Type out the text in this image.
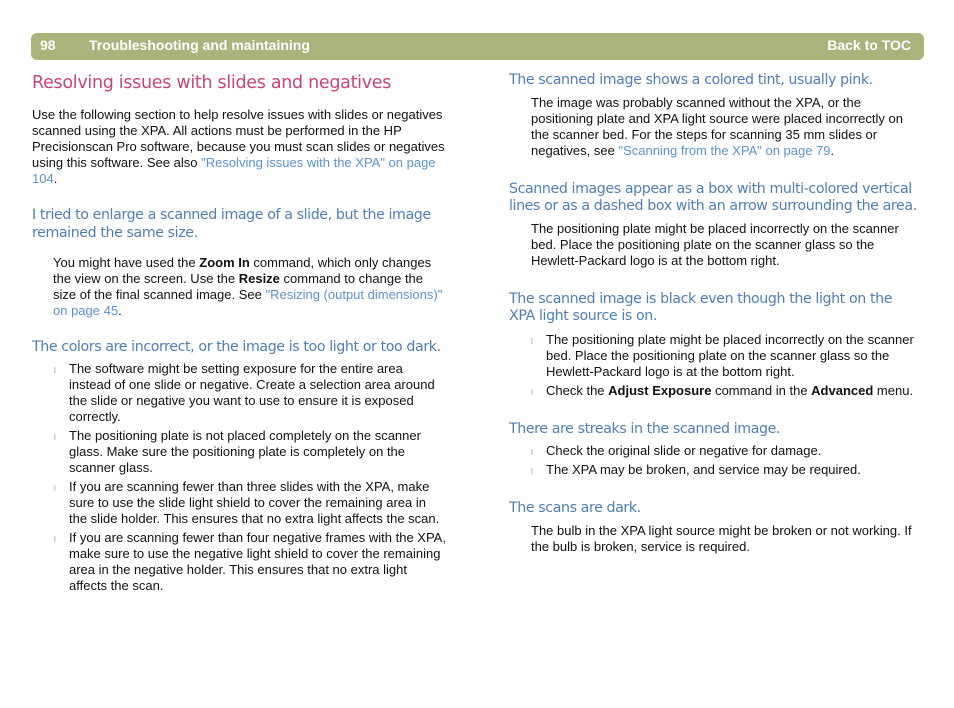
98 Troubleshooting and maintaining	Back to TOC
Resolving issues with slides and negatives

Use the following section to help resolve issues with slides or negatives scanned using the XPA. All actions must be performed in the HP Precisionscan Pro software, because you must scan slides or negatives using this software. See also "Resolving issues with the XPA" on page 104.

I tried to enlarge a scanned image of a slide, but the image remained the same size.

You might have used the Zoom In command, which only changes the view on the screen. Use the Resize command to change the size of the final scanned image. See "Resizing (output dimensions)" on page 45.

The colors are incorrect, or the image is too light or too dark.
l The software might be setting exposure for the entire area instead of one slide or negative. Create a selection area around the slide or negative you want to use to ensure it is exposed correctly.
l The positioning plate is not placed completely on the scanner glass. Make sure the positioning plate is completely on the scanner glass.
l If you are scanning fewer than three slides with the XPA, make sure to use the slide light shield to cover the remaining area in the slide holder. This ensures that no extra light affects the scan.
l If you are scanning fewer than four negative frames with the XPA, make sure to use the negative light shield to cover the remaining area in the negative holder. This ensures that no extra light affects the scan.
The scanned image shows a colored tint, usually pink.

The image was probably scanned without the XPA, or the positioning plate and XPA light source were placed incorrectly on the scanner bed. For the steps for scanning 35 mm slides or negatives, see "Scanning from the XPA" on page 79.

Scanned images appear as a box with multi-colored vertical lines or as a dashed box with an arrow surrounding the area.

The positioning plate might be placed incorrectly on the scanner bed. Place the positioning plate on the scanner glass so the Hewlett-Packard logo is at the bottom right.

The scanned image is black even though the light on the XPA light source is on.
l The positioning plate might be placed incorrectly on the scanner bed. Place the positioning plate on the scanner glass so the Hewlett-Packard logo is at the bottom right.
l Check the Adjust Exposure command in the Advanced menu.
There are streaks in the scanned image.
l Check the original slide or negative for damage.
l The XPA may be broken, and service may be required.
The scans are dark.

The bulb in the XPA light source might be broken or not working. If the bulb is broken, service is required.
